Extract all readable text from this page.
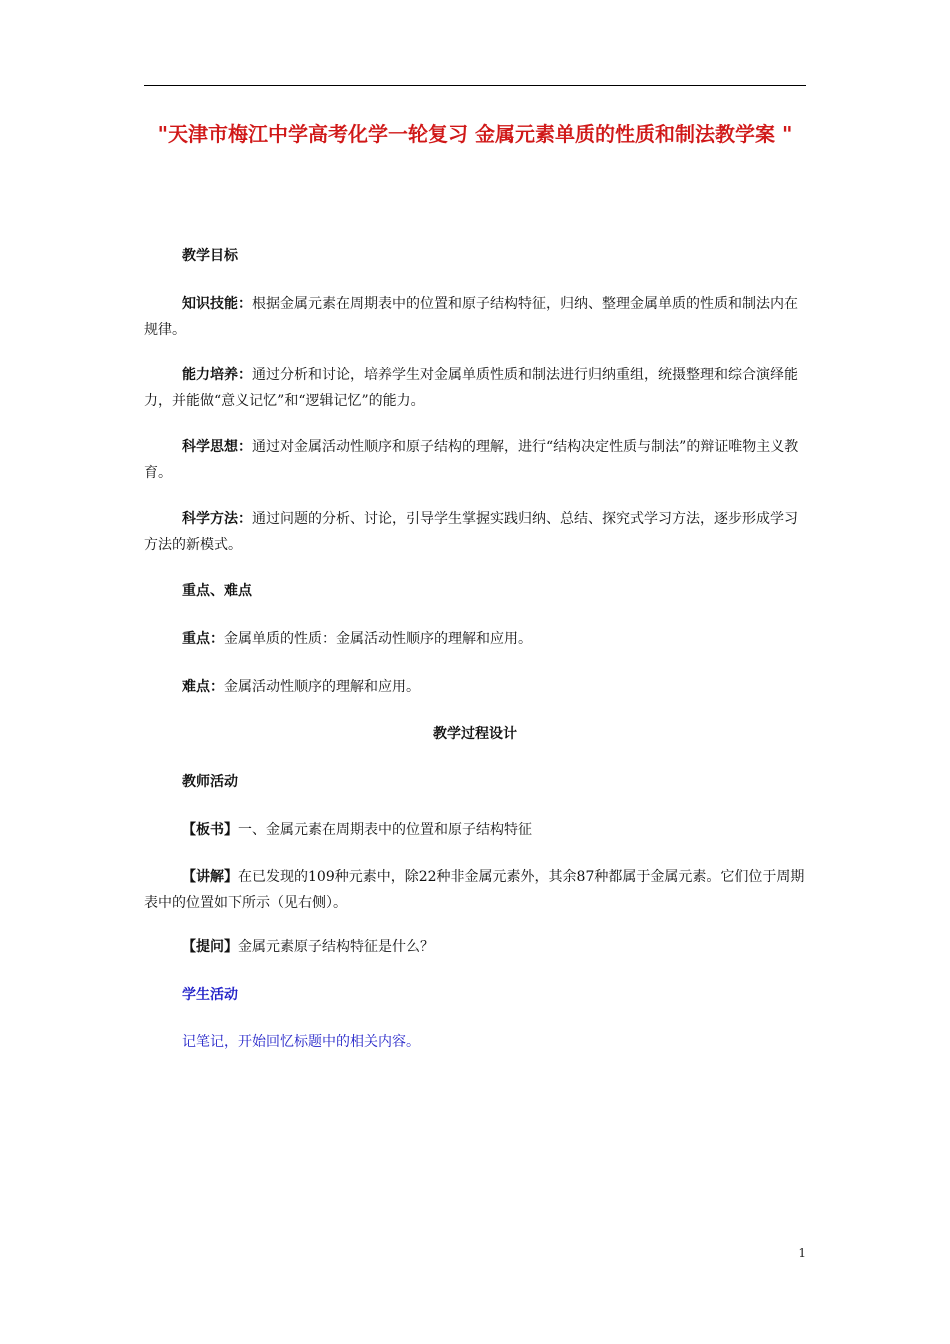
"天津市梅江中学高考化学一轮复习 金属元素单质的性质和制法教学案 "
教学目标
知识技能：根据金属元素在周期表中的位置和原子结构特征，归纳、整理金属单质的性质和制法内在规律。
能力培养：通过分析和讨论，培养学生对金属单质性质和制法进行归纳重组，统摄整理和综合演绎能力，并能做“意义记忆”和“逻辑记忆”的能力。
科学思想：通过对金属活动性顺序和原子结构的理解，进行“结构决定性质与制法”的辩证唯物主义教育。
科学方法：通过问题的分析、讨论，引导学生掌握实践归纳、总结、探究式学习方法，逐步形成学习方法的新模式。
重点、难点
重点：金属单质的性质：金属活动性顺序的理解和应用。
难点：金属活动性顺序的理解和应用。
教学过程设计
教师活动
【板书】一、金属元素在周期表中的位置和原子结构特征
【讲解】在已发现的109种元素中，除22种非金属元素外，其余87种都属于金属元素。它们位于周期表中的位置如下所示（见右侧）。
【提问】金属元素原子结构特征是什么？
学生活动
记笔记，开始回忆标题中的相关内容。
1
